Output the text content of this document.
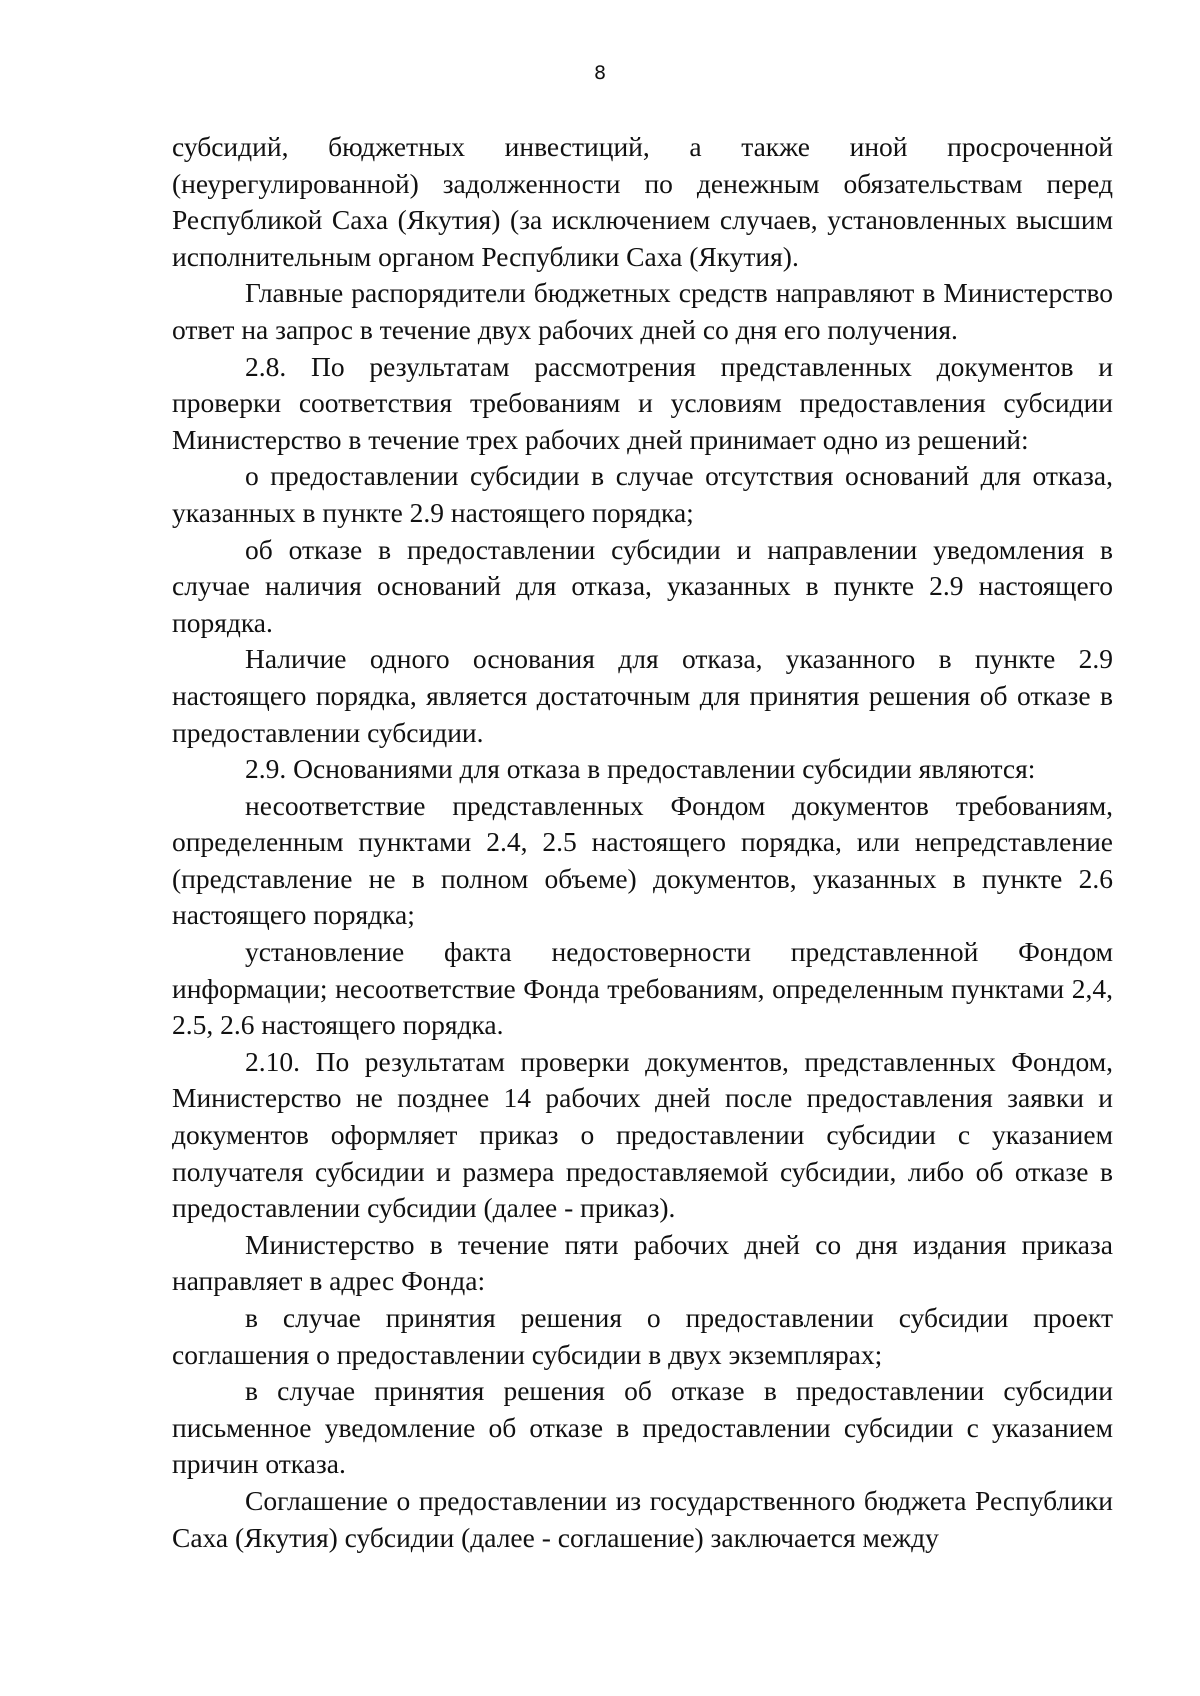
8

субсидий, бюджетных инвестиций, а также иной просроченной (неурегулированной) задолженности по денежным обязательствам перед Республикой Саха (Якутия) (за исключением случаев, установленных высшим исполнительным органом Республики Саха (Якутия).

Главные распорядители бюджетных средств направляют в Министерство ответ на запрос в течение двух рабочих дней со дня его получения.

2.8. По результатам рассмотрения представленных документов и проверки соответствия требованиям и условиям предоставления субсидии Министерство в течение трех рабочих дней принимает одно из решений:

о предоставлении субсидии в случае отсутствия оснований для отказа, указанных в пункте 2.9 настоящего порядка;

об отказе в предоставлении субсидии и направлении уведомления в случае наличия оснований для отказа, указанных в пункте 2.9 настоящего порядка.

Наличие одного основания для отказа, указанного в пункте 2.9 настоящего порядка, является достаточным для принятия решения об отказе в предоставлении субсидии.

2.9. Основаниями для отказа в предоставлении субсидии являются:

несоответствие представленных Фондом документов требованиям, определенным пунктами 2.4, 2.5 настоящего порядка, или непредставление (представление не в полном объеме) документов, указанных в пункте 2.6 настоящего порядка;

установление факта недостоверности представленной Фондом информации; несоответствие Фонда требованиям, определенным пунктами 2,4, 2.5, 2.6 настоящего порядка.

2.10. По результатам проверки документов, представленных Фондом, Министерство не позднее 14 рабочих дней после предоставления заявки и документов оформляет приказ о предоставлении субсидии с указанием получателя субсидии и размера предоставляемой субсидии, либо об отказе в предоставлении субсидии (далее - приказ).

Министерство в течение пяти рабочих дней со дня издания приказа направляет в адрес Фонда:

в случае принятия решения о предоставлении субсидии проект соглашения о предоставлении субсидии в двух экземплярах;

в случае принятия решения об отказе в предоставлении субсидии письменное уведомление об отказе в предоставлении субсидии с указанием причин отказа.

Соглашение о предоставлении из государственного бюджета Республики Саха (Якутия) субсидии (далее - соглашение) заключается между
